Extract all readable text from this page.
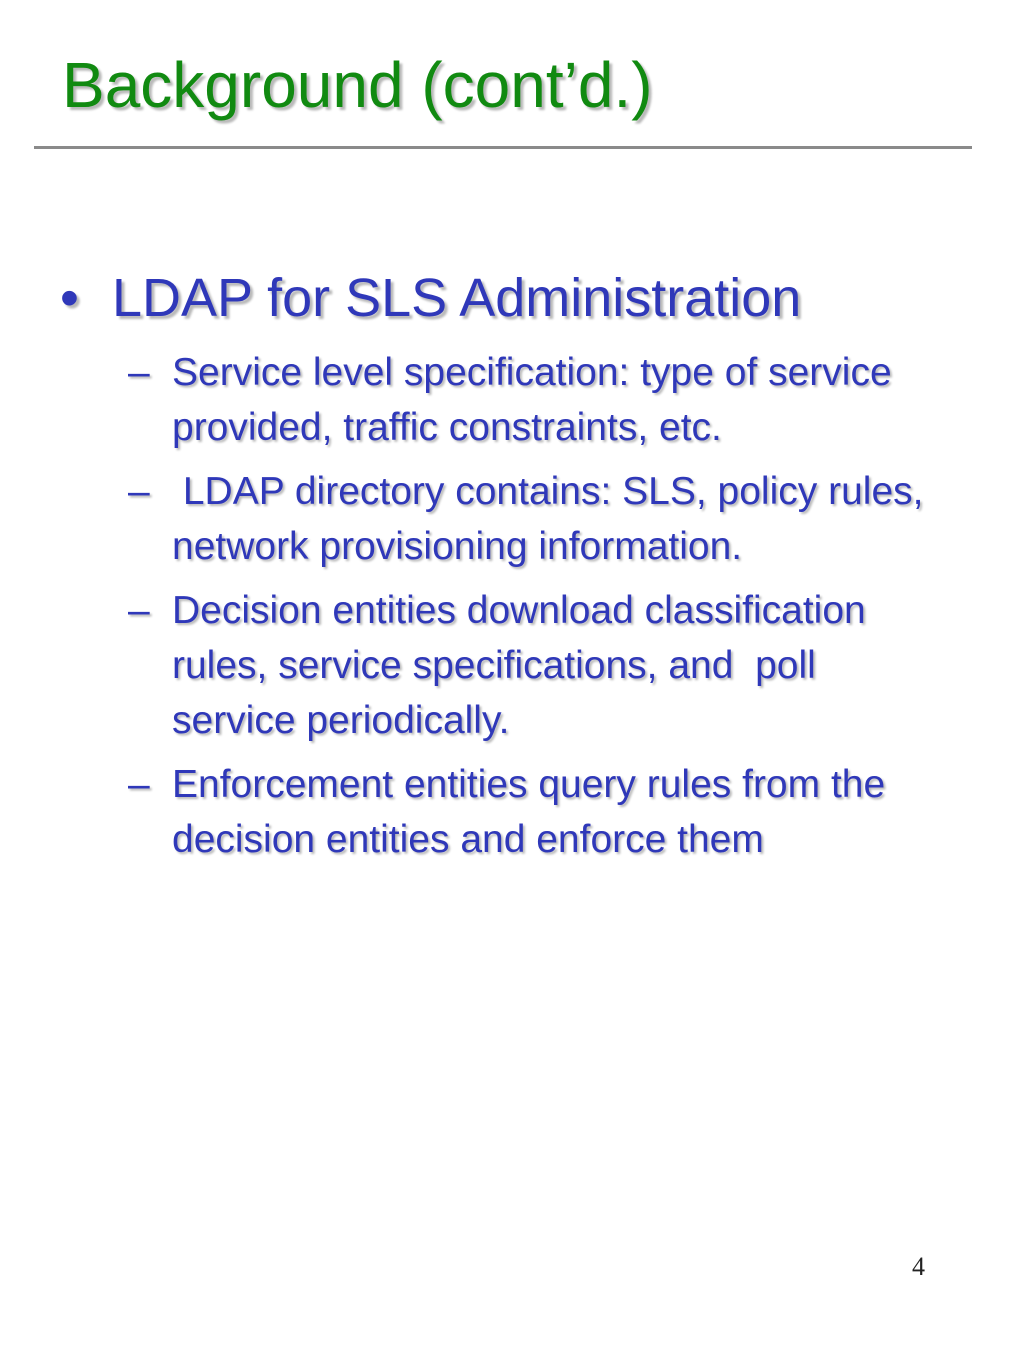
Background (cont’d.)
• LDAP for SLS Administration
– Service level specification: type of service provided, traffic constraints, etc.
– LDAP directory contains: SLS, policy rules, network provisioning information.
– Decision entities download classification rules, service specifications, and  poll service periodically.
– Enforcement entities query rules from the decision entities and enforce them
4
